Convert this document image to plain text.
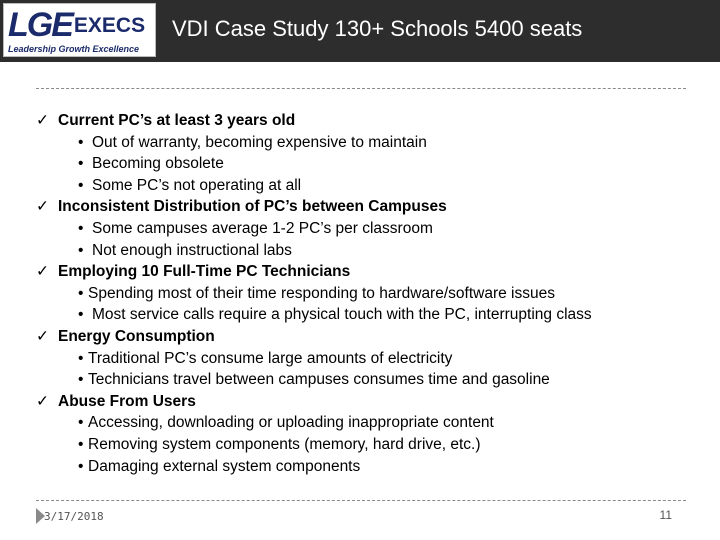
LGEEXECS
Leadership Growth Excellence
VDI Case Study 130+ Schools 5400 seats
✓ Current PC’s at least 3 years old
• Out of warranty, becoming expensive to maintain
• Becoming obsolete
• Some PC’s not operating at all
✓ Inconsistent Distribution of PC’s between Campuses
• Some campuses average 1-2 PC’s per classroom
• Not enough instructional labs
✓ Employing 10 Full-Time PC Technicians
• Spending most of their time responding to hardware/software issues
• Most service calls require a physical touch with the PC, interrupting class
✓ Energy Consumption
• Traditional PC’s consume large amounts of electricity
• Technicians travel between campuses consumes time and gasoline
✓ Abuse From Users
• Accessing, downloading or uploading inappropriate content
• Removing system components (memory, hard drive, etc.)
• Damaging external system components
3/17/2018	11
